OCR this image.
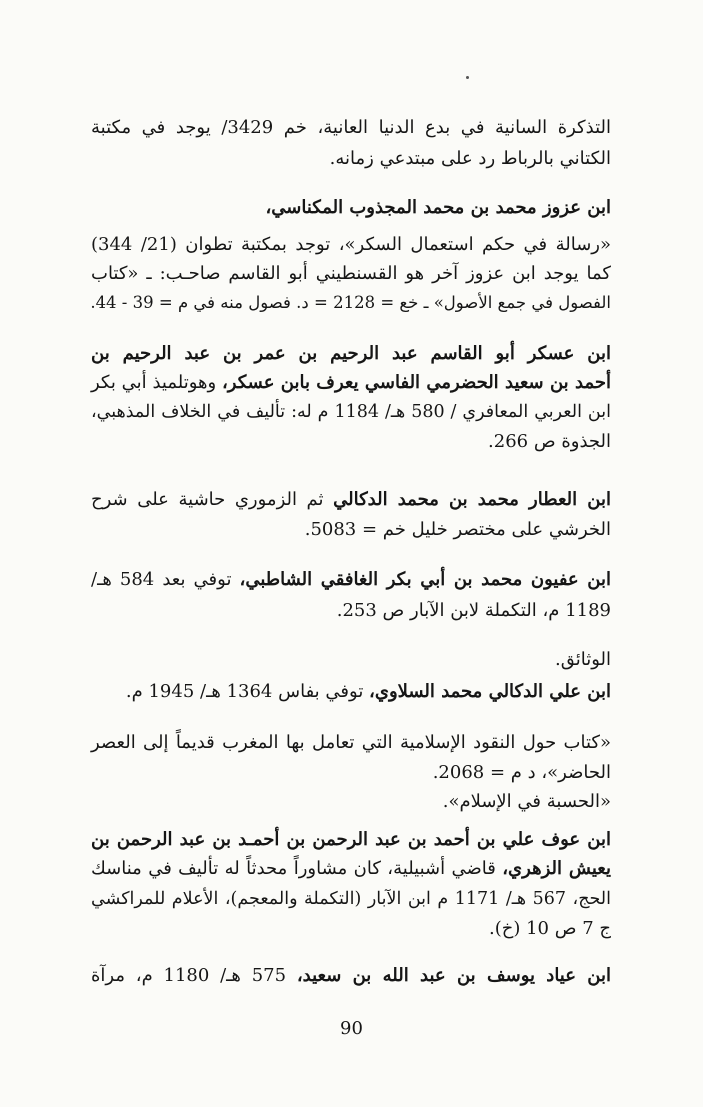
التذكرة السانية في بدع الدنيا العانية، خم 3429/ يوجد في مكتبة
الكتاني بالرباط رد على مبتدعي زمانه.
ابن عزوز محمد بن محمد المجذوب المكناسي،
«رسالة في حكم استعمال السكر»، توجد بمكتبة تطوان (21/ 344)
كما يوجد ابن عزوز آخر هو القسنطيني أبو القاسم صاحـب: ـ «كتاب
الفصول في جمع الأصول» ـ خع = 2128 = د. فصول منه في م = 39 - 44.
ابن عسكر أبو القاسم عبد الرحيم بن عمر بن عبد الرحيم بن
أحمد بن سعيد الحضرمي الفاسي يعرف بابن عسكر، وهوتلميذ أبي بكر
ابن العربي المعافري / 580 هـ/ 1184 م له: تأليف في الخلاف المذهبي،
الجذوة ص 266.
ابن العطار محمد بن محمد الدكالي ثم الزموري حاشية على شرح
الخرشي على مختصر خليل خم = 5083.
ابن عفيون محمد بن أبي بكر الغافقي الشاطبي، توفي بعد 584 هـ/
1189 م، التكملة لابن الآبار ص 253.
الوثائق.
ابن علي الدكالي محمد السلاوي، توفي بفاس 1364 هـ/ 1945 م.
«كتاب حول النقود الإسلامية التي تعامل بها المغرب قديماً إلى العصر
الحاضر»، د م = 2068.
«الحسبة في الإسلام».
ابن عوف علي بن أحمد بن عبد الرحمن بن أحمـد بن عبد الرحمن بن
يعيش الزهري، قاضي أشبيلية، كان مشاوراً محدثاً له تأليف في مناسك
الحج، 567 هـ/ 1171 م ابن الآبار (التكملة والمعجم)، الأعلام للمراكشي
ج 7 ص 10 (خ).
ابن عياد يوسف بن عبد الله بن سعيد، 575 هـ/ 1180 م، مرآة
90
